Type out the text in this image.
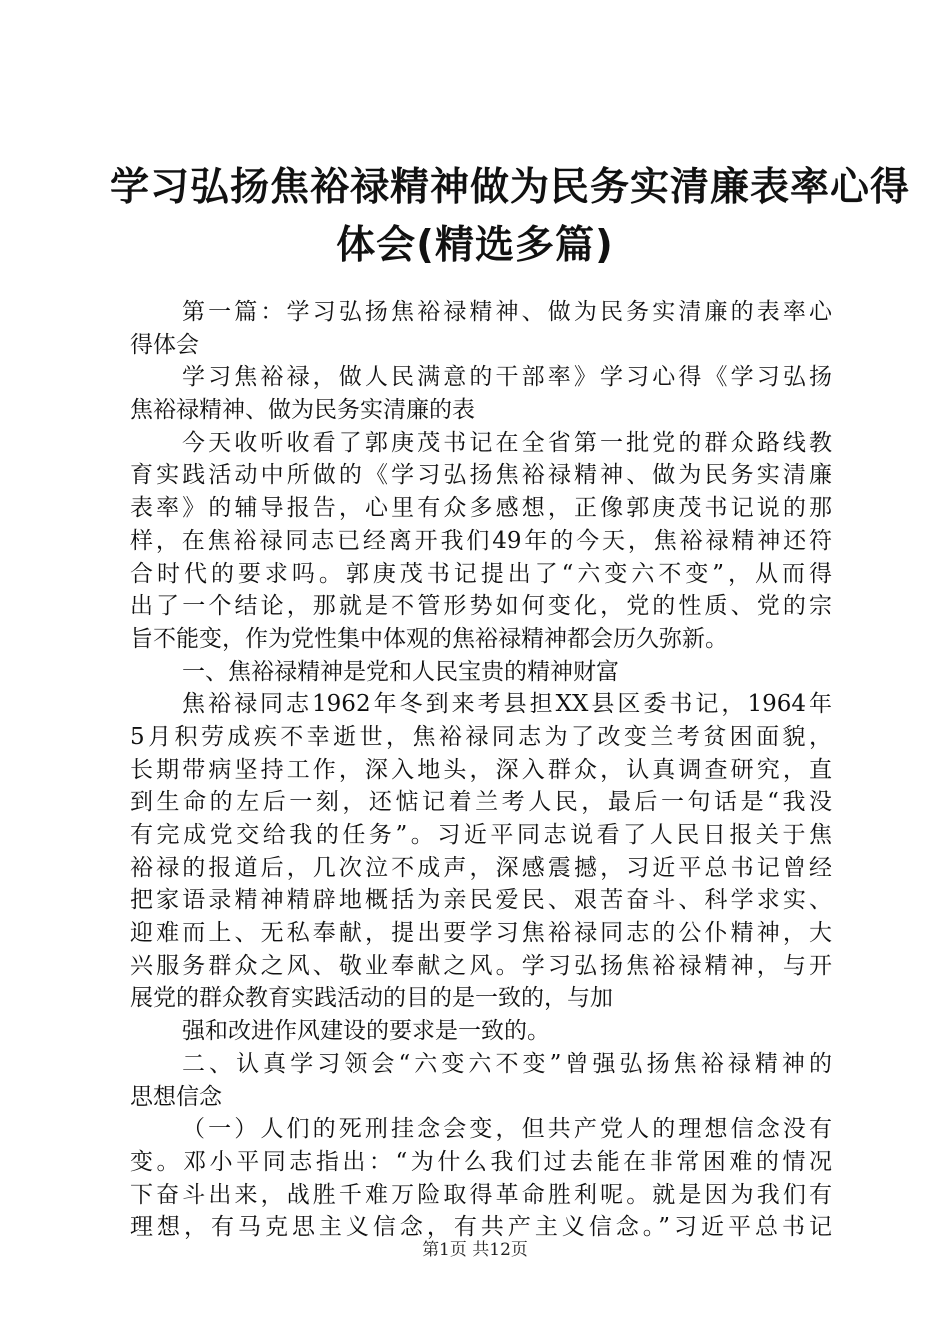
学习弘扬焦裕禄精神做为民务实清廉表率心得
体会(精选多篇)
第一篇：学习弘扬焦裕禄精神、做为民务实清廉的表率心
得体会
学习焦裕禄，做人民满意的干部率》学习心得《学习弘扬
焦裕禄精神、做为民务实清廉的表
今天收听收看了郭庚茂书记在全省第一批党的群众路线教
育实践活动中所做的《学习弘扬焦裕禄精神、做为民务实清廉
表率》的辅导报告，心里有众多感想，正像郭庚茂书记说的那
样，在焦裕禄同志已经离开我们49年的今天，焦裕禄精神还符
合时代的要求吗。郭庚茂书记提出了“六变六不变”，从而得
出了一个结论，那就是不管形势如何变化，党的性质、党的宗
旨不能变，作为党性集中体观的焦裕禄精神都会历久弥新。
一、焦裕禄精神是党和人民宝贵的精神财富
焦裕禄同志1962年冬到来考县担XX县区委书记，1964年
5月积劳成疾不幸逝世，焦裕禄同志为了改变兰考贫困面貌，
长期带病坚持工作，深入地头，深入群众，认真调查研究，直
到生命的左后一刻，还惦记着兰考人民，最后一句话是“我没
有完成党交给我的任务”。习近平同志说看了人民日报关于焦
裕禄的报道后，几次泣不成声，深感震撼，习近平总书记曾经
把家语录精神精辟地概括为亲民爱民、艰苦奋斗、科学求实、
迎难而上、无私奉献，提出要学习焦裕禄同志的公仆精神，大
兴服务群众之风、敬业奉献之风。学习弘扬焦裕禄精神，与开
展党的群众教育实践活动的目的是一致的，与加
强和改进作风建设的要求是一致的。
二、认真学习领会“六变六不变”曾强弘扬焦裕禄精神的
思想信念
（一）人们的死刑挂念会变，但共产党人的理想信念没有
变。邓小平同志指出：“为什么我们过去能在非常困难的情况
下奋斗出来，战胜千难万险取得革命胜利呢。就是因为我们有
理想，有马克思主义信念，有共产主义信念。”习近平总书记
第1页 共12页
